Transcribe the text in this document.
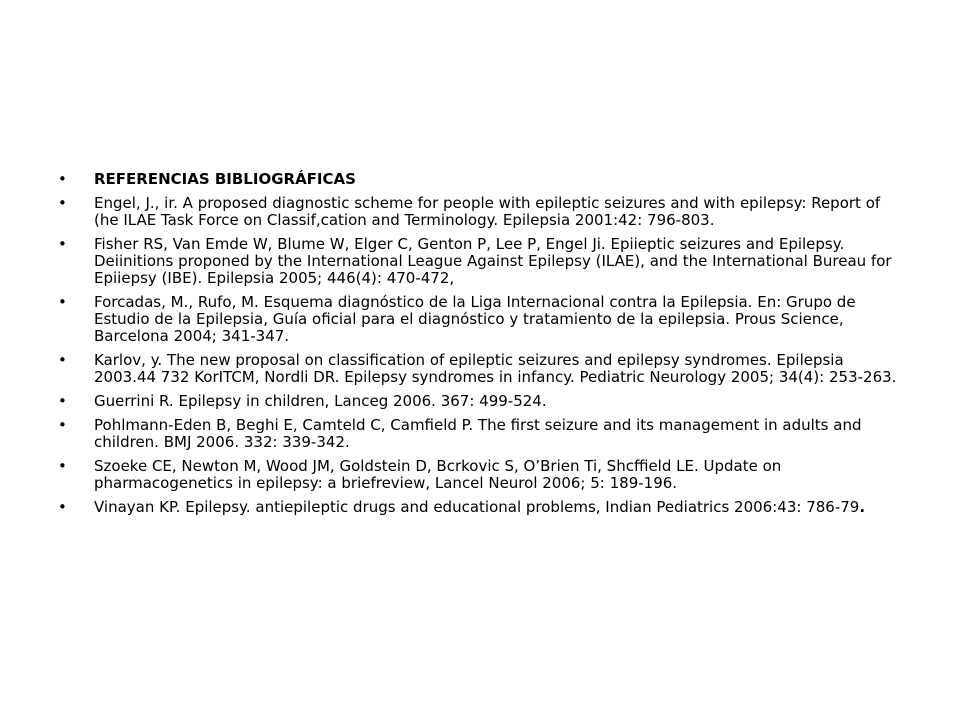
• REFERENCIAS BIBLIOGRÁFICAS
• Engel, J., ir. A proposed diagnostic scheme for people with epileptic seizures and with epilepsy: Report of (he ILAE Task Force on Classif,cation and Terminology. Epilepsia 2001:42: 796-803.
• Fisher RS, Van Emde W, Blume W, Elger C, Genton P, Lee P, Engel Ji. Epiieptic seizures and Epilepsy. Deiinitions proponed by the International League Against Epilepsy (ILAE), and the International Bureau for Epiiepsy (IBE). Epilepsia 2005; 446(4): 470-472,
• Forcadas, M., Rufo, M. Esquema diagnóstico de la Liga Internacional contra la Epilepsia. En: Grupo de Estudio de la Epilepsia, Guía oficial para el diagnóstico y tratamiento de la epilepsia. Prous Science, Barcelona 2004; 341-347.
• Karlov, y. The new proposal on classification of epileptic seizures and epilepsy syndromes. Epilepsia 2003.44 732 KorITCM, Nordli DR. Epilepsy syndromes in infancy. Pediatric Neurology 2005; 34(4): 253-263.
• Guerrini R. Epilepsy in children, Lanceg 2006. 367: 499-524.
• Pohlmann-Eden B, Beghi E, Camteld C, Camfield P. The first seizure and its management in adults and children. BMJ 2006. 332: 339-342.
• Szoeke CE, Newton M, Wood JM, Goldstein D, Bcrkovic S, O’Brien Ti, Shcffield LE. Update on pharmacogenetics in epilepsy: a briefreview, Lancel Neurol 2006; 5: 189-196.
• Vinayan KP. Epilepsy. antiepileptic drugs and educational problems, Indian Pediatrics 2006:43: 786-79.
